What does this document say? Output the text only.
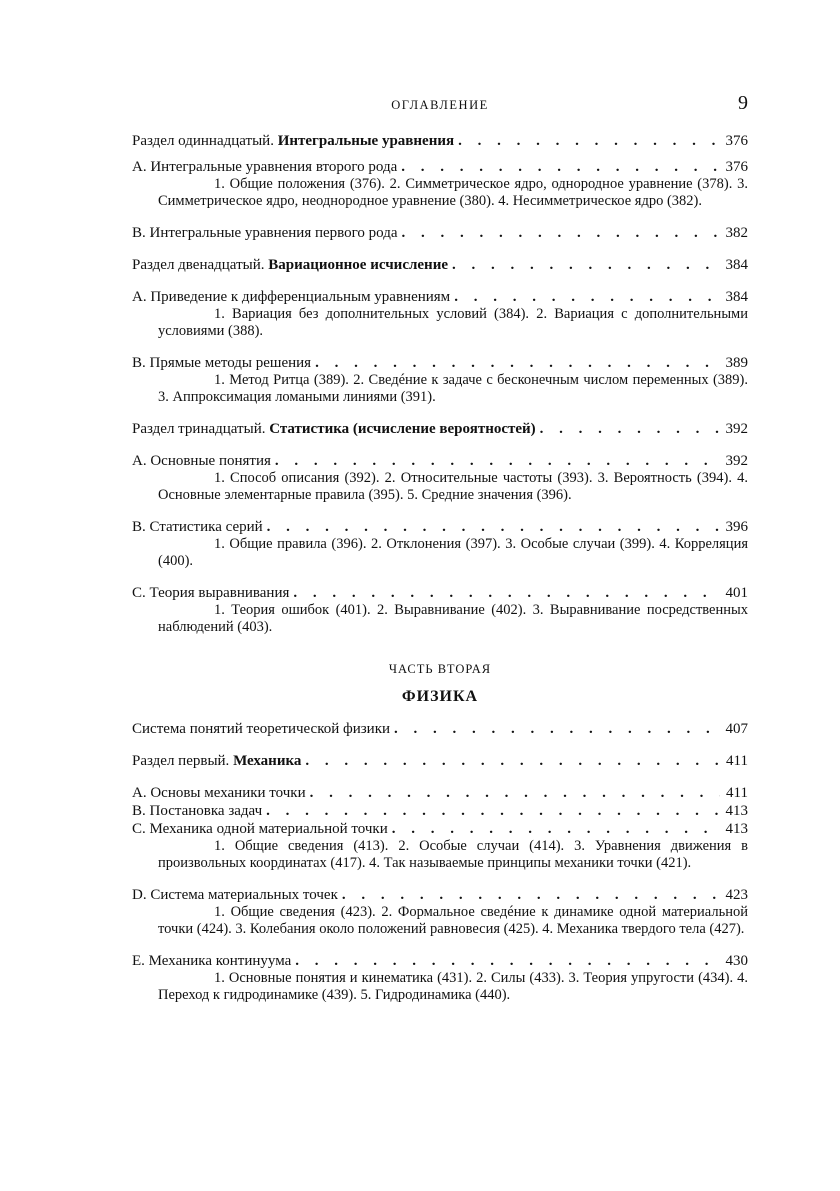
ОГЛАВЛЕНИЕ	9
Раздел одиннадцатый. Интегральные уравнения . . .	376
А. Интегральные уравнения второго рода . . .	376
1. Общие положения (376). 2. Симметрическое ядро, однородное уравнение (378). 3. Симметрическое ядро, неоднородное уравнение (380). 4. Несимметрическое ядро (382).
В. Интегральные уравнения первого рода . . .	382
Раздел двенадцатый. Вариационное исчисление . . .	384
А. Приведение к дифференциальным уравнениям . . .	384
1. Вариация без дополнительных условий (384). 2. Вариация с дополнительными условиями (388).
В. Прямые методы решения . . .	389
1. Метод Ритца (389). 2. Сведéние к задаче с бесконечным числом переменных (389). 3. Аппроксимация ломаными линиями (391).
Раздел тринадцатый. Статистика (исчисление вероятностей) . . .	392
А. Основные понятия . . .	392
1. Способ описания (392). 2. Относительные частоты (393). 3. Вероятность (394). 4. Основные элементарные правила (395). 5. Средние значения (396).
В. Статистика серий . . .	396
1. Общие правила (396). 2. Отклонения (397). 3. Особые случаи (399). 4. Корреляция (400).
С. Теория выравнивания . . .	401
1. Теория ошибок (401). 2. Выравнивание (402). 3. Выравнивание посредственных наблюдений (403).
ЧАСТЬ ВТОРАЯ
ФИЗИКА
Система понятий теоретической физики . . .	407
Раздел первый. Механика . . .	411
А. Основы механики точки . . .	411
В. Постановка задач . . .	413
С. Механика одной материальной точки . . .	413
1. Общие сведения (413). 2. Особые случаи (414). 3. Уравнения движения в произвольных координатах (417). 4. Так называемые принципы механики точки (421).
D. Система материальных точек . . .	423
1. Общие сведения (423). 2. Формальное сведéние к динамике одной материальной точки (424). 3. Колебания около положений равновесия (425). 4. Механика твердого тела (427).
Е. Механика континуума . . .	430
1. Основные понятия и кинематика (431). 2. Силы (433). 3. Теория упругости (434). 4. Переход к гидродинамике (439). 5. Гидродинамика (440).
